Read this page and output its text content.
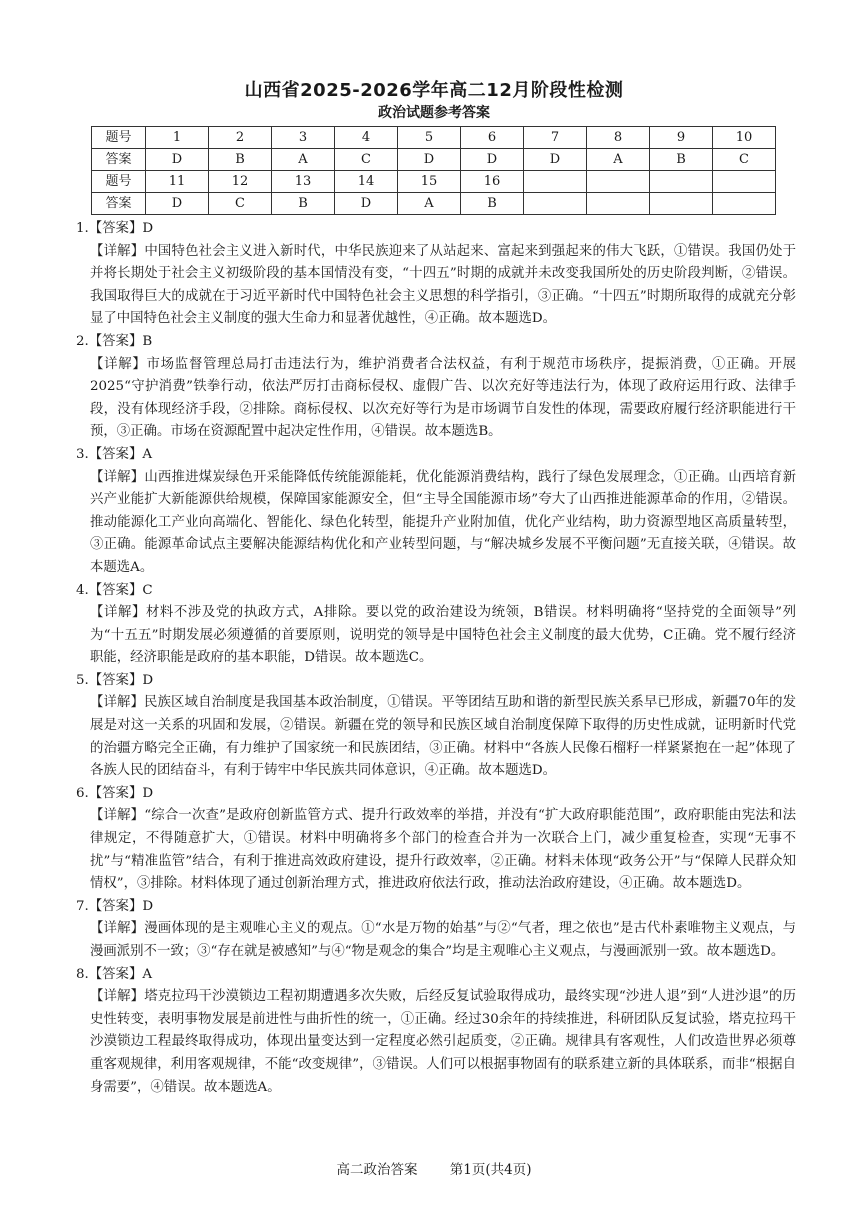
山西省2025-2026学年高二12月阶段性检测
政治试题参考答案
题号	1	2	3	4	5	6	7	8	9	10
答案	D	B	A	C	D	D	D	A	B	C
题号	11	12	13	14	15	16				
答案	D	C	B	D	A	B				

1.【答案】D

【详解】中国特色社会主义进入新时代，中华民族迎来了从站起来、富起来到强起来的伟大飞跃，①错误。我国仍处于并将长期处于社会主义初级阶段的基本国情没有变，“十四五”时期的成就并未改变我国所处的历史阶段判断，②错误。我国取得巨大的成就在于习近平新时代中国特色社会主义思想的科学指引，③正确。“十四五”时期所取得的成就充分彰显了中国特色社会主义制度的强大生命力和显著优越性，④正确。故本题选D。

2.【答案】B

【详解】市场监督管理总局打击违法行为，维护消费者合法权益，有利于规范市场秩序，提振消费，①正确。开展2025“守护消费”铁拳行动，依法严厉打击商标侵权、虚假广告、以次充好等违法行为，体现了政府运用行政、法律手段，没有体现经济手段，②排除。商标侵权、以次充好等行为是市场调节自发性的体现，需要政府履行经济职能进行干预，③正确。市场在资源配置中起决定性作用，④错误。故本题选B。

3.【答案】A

【详解】山西推进煤炭绿色开采能降低传统能源能耗，优化能源消费结构，践行了绿色发展理念，①正确。山西培育新兴产业能扩大新能源供给规模，保障国家能源安全，但“主导全国能源市场”夸大了山西推进能源革命的作用，②错误。推动能源化工产业向高端化、智能化、绿色化转型，能提升产业附加值，优化产业结构，助力资源型地区高质量转型，③正确。能源革命试点主要解决能源结构优化和产业转型问题，与“解决城乡发展不平衡问题”无直接关联，④错误。故本题选A。

4.【答案】C

【详解】材料不涉及党的执政方式，A排除。要以党的政治建设为统领，B错误。材料明确将“坚持党的全面领导”列为“十五五”时期发展必须遵循的首要原则，说明党的领导是中国特色社会主义制度的最大优势，C正确。党不履行经济职能，经济职能是政府的基本职能，D错误。故本题选C。

5.【答案】D

【详解】民族区域自治制度是我国基本政治制度，①错误。平等团结互助和谐的新型民族关系早已形成，新疆70年的发展是对这一关系的巩固和发展，②错误。新疆在党的领导和民族区域自治制度保障下取得的历史性成就，证明新时代党的治疆方略完全正确，有力维护了国家统一和民族团结，③正确。材料中“各族人民像石榴籽一样紧紧抱在一起”体现了各族人民的团结奋斗，有利于铸牢中华民族共同体意识，④正确。故本题选D。

6.【答案】D

【详解】“综合一次查”是政府创新监管方式、提升行政效率的举措，并没有“扩大政府职能范围”，政府职能由宪法和法律规定，不得随意扩大，①错误。材料中明确将多个部门的检查合并为一次联合上门，减少重复检查，实现“无事不扰”与“精准监管”结合，有利于推进高效政府建设，提升行政效率，②正确。材料未体现“政务公开”与“保障人民群众知情权”，③排除。材料体现了通过创新治理方式，推进政府依法行政，推动法治政府建设，④正确。故本题选D。

7.【答案】D

【详解】漫画体现的是主观唯心主义的观点。①“水是万物的始基”与②“气者，理之依也”是古代朴素唯物主义观点，与漫画派别不一致；③“存在就是被感知”与④“物是观念的集合”均是主观唯心主义观点，与漫画派别一致。故本题选D。

8.【答案】A

【详解】塔克拉玛干沙漠锁边工程初期遭遇多次失败，后经反复试验取得成功，最终实现“沙进人退”到“人进沙退”的历史性转变，表明事物发展是前进性与曲折性的统一，①正确。经过30余年的持续推进，科研团队反复试验，塔克拉玛干沙漠锁边工程最终取得成功，体现出量变达到一定程度必然引起质变，②正确。规律具有客观性，人们改造世界必须尊重客观规律，利用客观规律，不能“改变规律”，③错误。人们可以根据事物固有的联系建立新的具体联系，而非“根据自身需要”，④错误。故本题选A。

高二政治答案 第1页(共4页)
